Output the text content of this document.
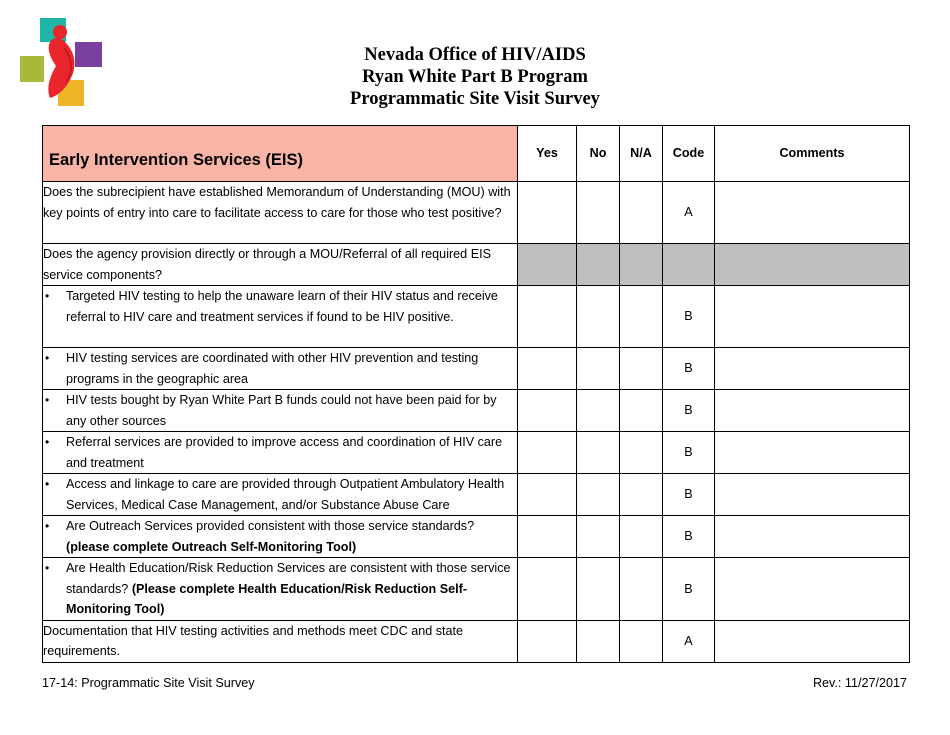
Nevada Office of HIV/AIDS
Ryan White Part B Program
Programmatic Site Visit Survey
Early Intervention Services (EIS)	Yes	No	N/A	Code	Comments
Does the subrecipient have established Memorandum of Understanding (MOU) with key points of entry into care to facilitate access to care for those who test positive?				A	
Does the agency provision directly or through a MOU/Referral of all required EIS service components?					

• Targeted HIV testing to help the unaware learn of their HIV status and receive referral to HIV care and treatment services if found to be HIV positive.				B	

• HIV testing services are coordinated with other HIV prevention and testing programs in the geographic area				B	

• HIV tests bought by Ryan White Part B funds could not have been paid for by any other sources				B	

• Referral services are provided to improve access and coordination of HIV care and treatment				B	

• Access and linkage to care are provided through Outpatient Ambulatory Health Services, Medical Case Management, and/or Substance Abuse Care				B	

• Are Outreach Services provided consistent with those service standards? (please complete Outreach Self-Monitoring Tool)				B	

• Are Health Education/Risk Reduction Services are consistent with those service standards? (Please complete Health Education/Risk Reduction Self-Monitoring Tool)				B	
Documentation that HIV testing activities and methods meet CDC and state requirements.				A	
17-14: Programmatic Site Visit Survey	Rev.: 11/27/2017
